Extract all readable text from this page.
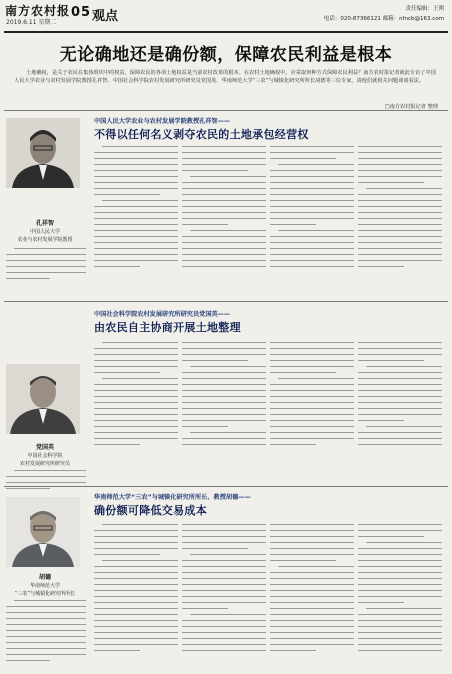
南方农村报
2019.6.11 星期二
05 观点	责任编辑：王朔
电话：020-87366121 邮箱：nfncb@163.com
无论确地还是确份额，保障农民利益是根本
土地确权，是关于农民在集体组织中的权益，保障农民的各项土地权益是当前农村改革的根本。在农村土地确权中，应采取何种方式保障农民利益？南方农村报记者就此专访了中国人民大学农业与农村发展学院教授孔祥智、中国社会科学院农村发展研究所研究员党国英、华南师范大学“三农”与城镇化研究所所长胡德等三位专家，请他们就相关问题谈谈看法。
□南方农村报记者 整理
孔祥智
中国人民大学
农业与农村发展学院教授
中国人民大学农业与农村发展学院教授孔祥智——
不得以任何名义剥夺农民的土地承包经营权
党国英
中国社会科学院
农村发展研究所研究员
中国社会科学院农村发展研究所研究员党国英——
由农民自主协商开展土地整理
胡德
华南师范大学
“三农”与城镇化研究所所长
华南师范大学“三农”与城镇化研究所所长、教授胡德——
确份额可降低交易成本
